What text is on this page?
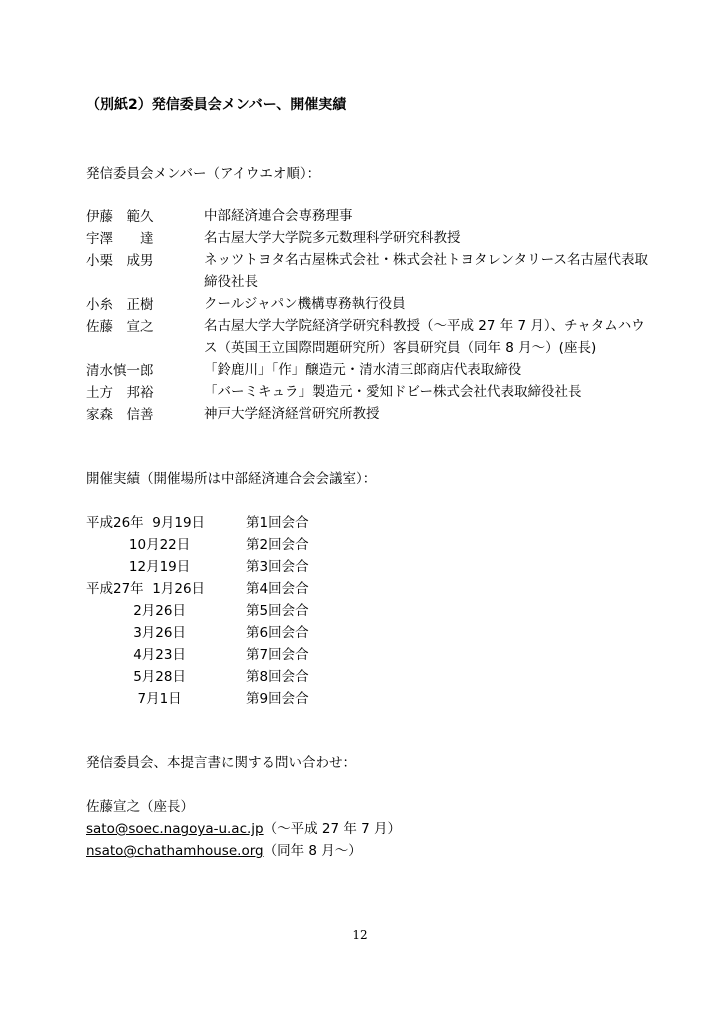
（別紙2）発信委員会メンバー、開催実績
発信委員会メンバー（アイウエオ順）：
伊藤　範久	中部経済連合会専務理事
宇澤　　達	名古屋大学大学院多元数理科学研究科教授
小栗　成男	ネッツトヨタ名古屋株式会社・株式会社トヨタレンタリース名古屋代表取締役社長
小糸　正樹	クールジャパン機構専務執行役員
佐藤　宣之	名古屋大学大学院経済学研究科教授（～平成 27 年 7 月）、チャタムハウス（英国王立国際問題研究所）客員研究員（同年 8 月～）(座長)
清水慎一郎	「鈴鹿川」「作」醸造元・清水清三郎商店代表取締役
土方　邦裕	「バーミキュラ」製造元・愛知ドビー株式会社代表取締役社長
家森　信善	神戸大学経済経営研究所教授
開催実績（開催場所は中部経済連合会会議室）：
平成26年  9月19日	第1回会合
10月22日	第2回会合
12月19日	第3回会合
平成27年  1月26日	第4回会合
2月26日	第5回会合
3月26日	第6回会合
4月23日	第7回会合
5月28日	第8回会合
7月1日	第9回会合
発信委員会、本提言書に関する問い合わせ：
佐藤宣之（座長）
sato@soec.nagoya-u.ac.jp（～平成 27 年 7 月）
nsato@chathamhouse.org（同年 8 月～）
12
